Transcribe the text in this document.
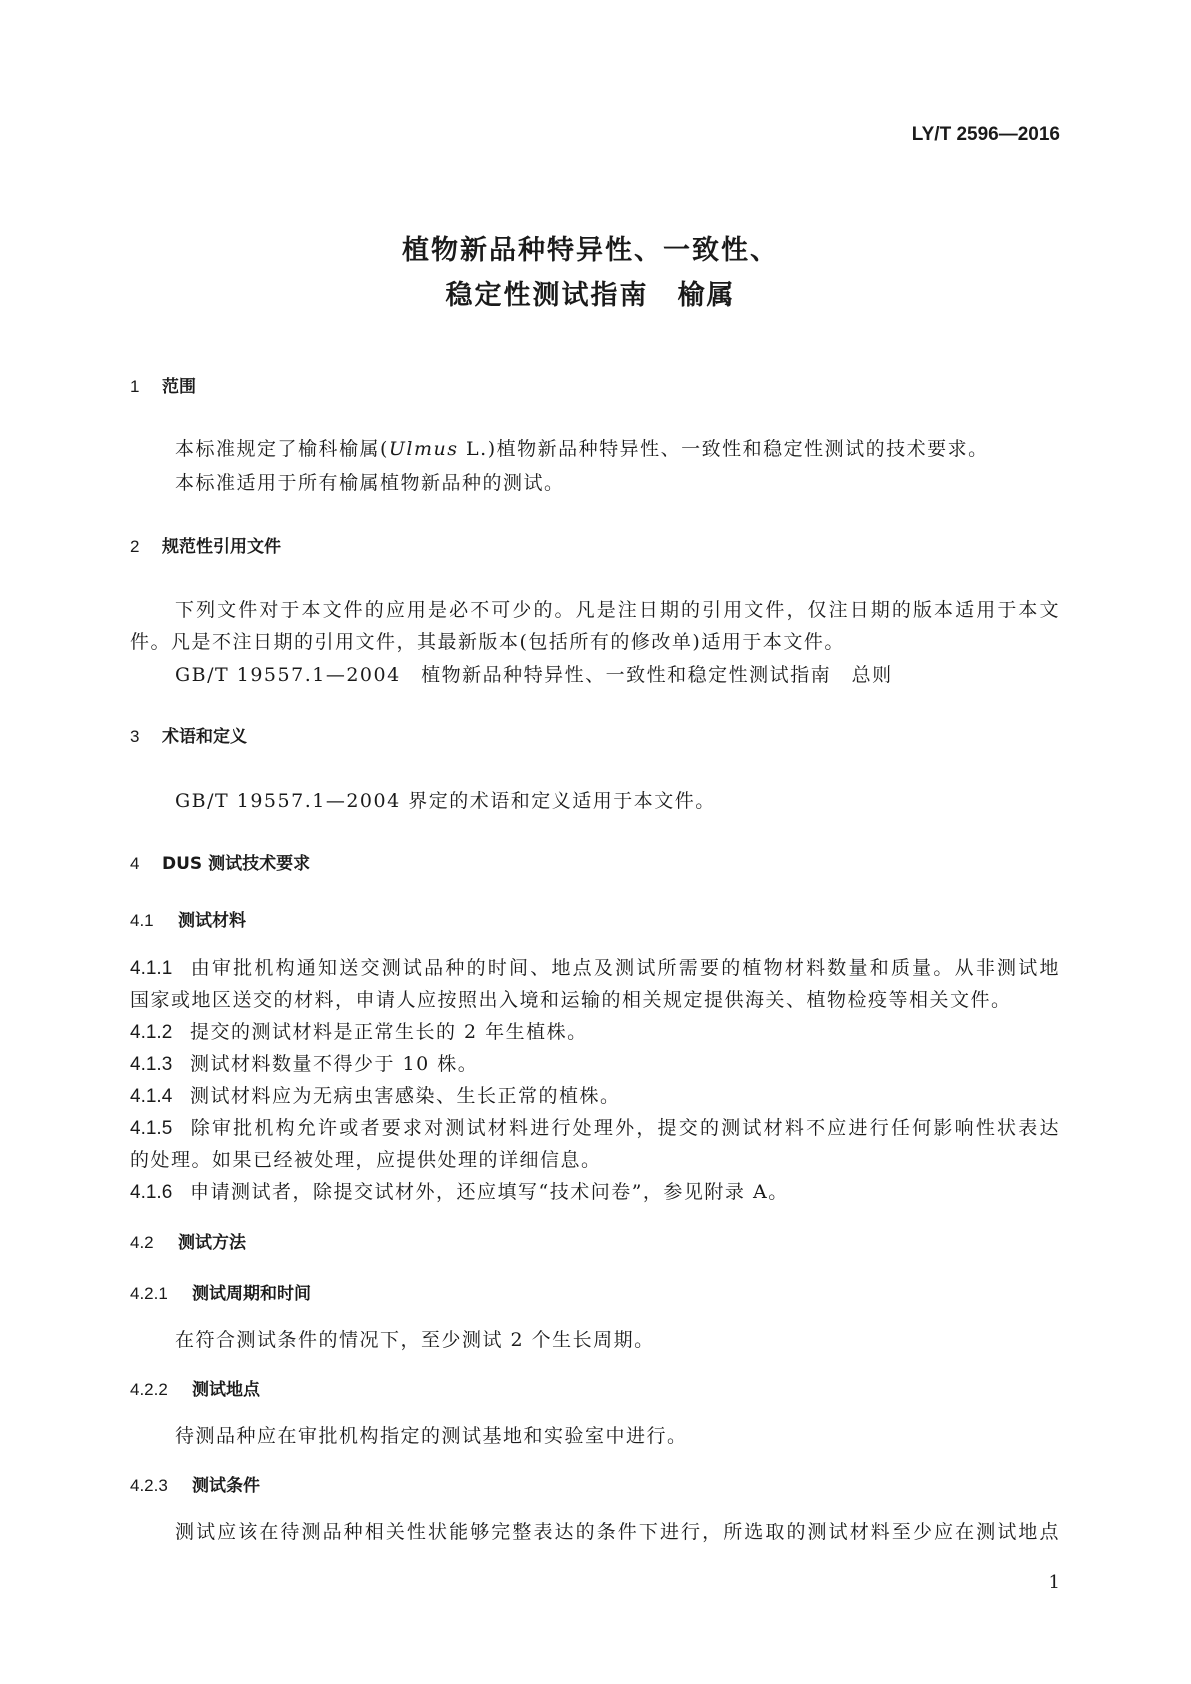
LY/T 2596—2016
植物新品种特异性、一致性、
稳定性测试指南　榆属
1 范围
本标准规定了榆科榆属(Ulmus L.)植物新品种特异性、一致性和稳定性测试的技术要求。
本标准适用于所有榆属植物新品种的测试。
2 规范性引用文件
下列文件对于本文件的应用是必不可少的。凡是注日期的引用文件，仅注日期的版本适用于本文
件。凡是不注日期的引用文件，其最新版本(包括所有的修改单)适用于本文件。
GB/T 19557.1—2004　植物新品种特异性、一致性和稳定性测试指南　总则
3 术语和定义
GB/T 19557.1—2004 界定的术语和定义适用于本文件。
4 DUS 测试技术要求
4.1 测试材料
4.1.1 由审批机构通知送交测试品种的时间、地点及测试所需要的植物材料数量和质量。从非测试地
国家或地区送交的材料，申请人应按照出入境和运输的相关规定提供海关、植物检疫等相关文件。
4.1.2 提交的测试材料是正常生长的 2 年生植株。
4.1.3 测试材料数量不得少于 10 株。
4.1.4 测试材料应为无病虫害感染、生长正常的植株。
4.1.5 除审批机构允许或者要求对测试材料进行处理外，提交的测试材料不应进行任何影响性状表达
的处理。如果已经被处理，应提供处理的详细信息。
4.1.6 申请测试者，除提交试材外，还应填写“技术问卷”，参见附录 A。
4.2 测试方法
4.2.1 测试周期和时间
在符合测试条件的情况下，至少测试 2 个生长周期。
4.2.2 测试地点
待测品种应在审批机构指定的测试基地和实验室中进行。
4.2.3 测试条件
测试应该在待测品种相关性状能够完整表达的条件下进行，所选取的测试材料至少应在测试地点
1
